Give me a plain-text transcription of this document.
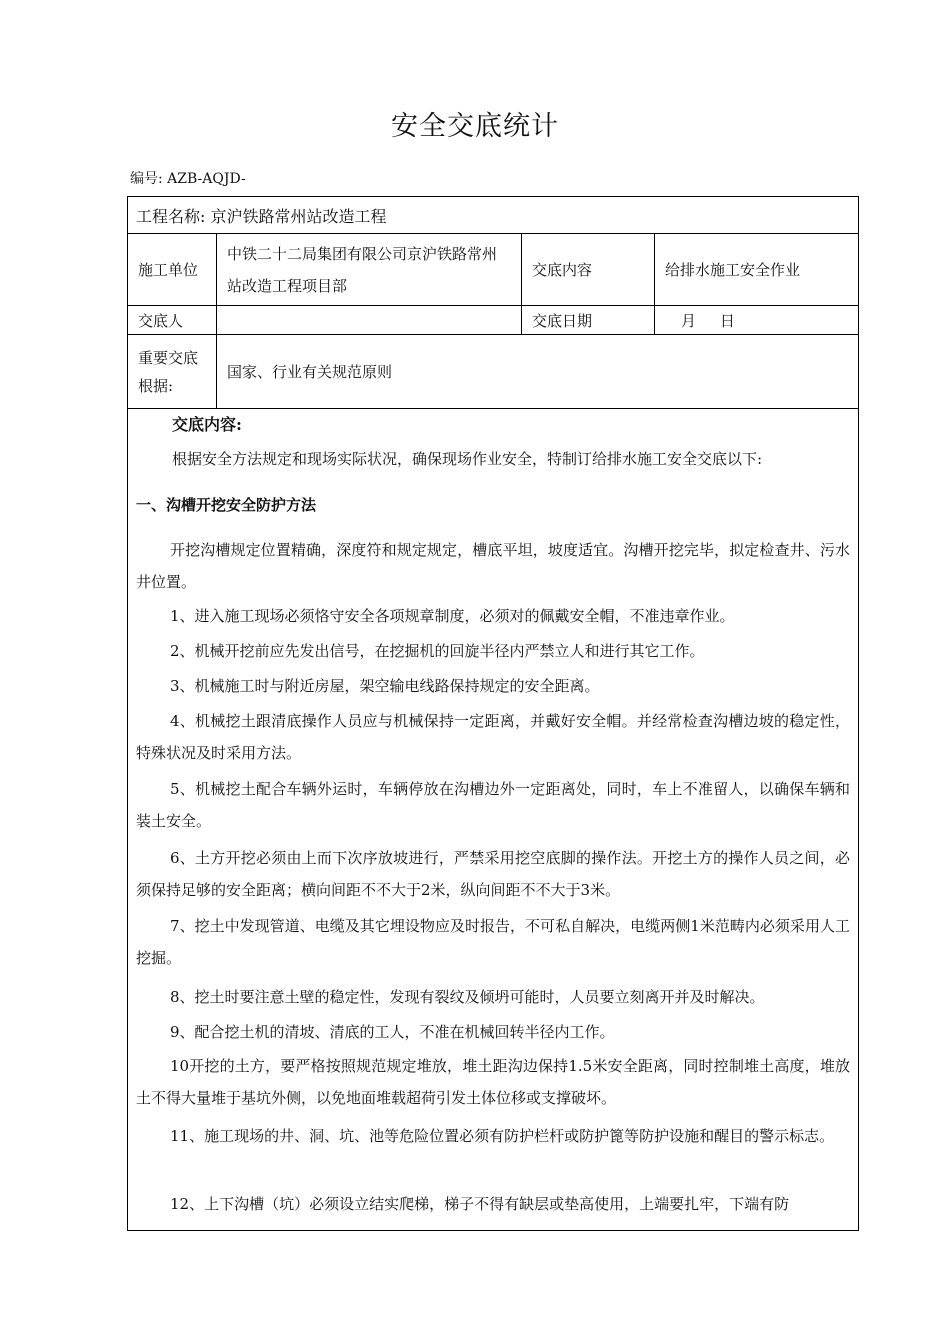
安全交底统计
编号: AZB-AQJD-
工程名称: 京沪铁路常州站改造工程			
施工单位	中铁二十二局集团有限公司京沪铁路常州站改造工程项目部	交底内容	给排水施工安全作业
交底人		交底日期	月     日
重要交底根据:	国家、行业有关规范原则		
交底内容:
根据安全方法规定和现场实际状况，确保现场作业安全，特制订给排水施工安全交底以下:
一、沟槽开挖安全防护方法
开挖沟槽规定位置精确，深度符和规定规定，槽底平坦，坡度适宜。沟槽开挖完毕，拟定检查井、污水井位置。
1、进入施工现场必须恪守安全各项规章制度，必须对的佩戴安全帽，不准违章作业。
2、机械开挖前应先发出信号，在挖掘机的回旋半径内严禁立人和进行其它工作。
3、机械施工时与附近房屋，架空输电线路保持规定的安全距离。
4、机械挖土跟清底操作人员应与机械保持一定距离，并戴好安全帽。并经常检查沟槽边坡的稳定性，特殊状况及时采用方法。
5、机械挖土配合车辆外运时，车辆停放在沟槽边外一定距离处，同时，车上不准留人，以确保车辆和装土安全。
6、土方开挖必须由上而下次序放坡进行，严禁采用挖空底脚的操作法。开挖土方的操作人员之间，必须保持足够的安全距离；横向间距不不大于2米，纵向间距不不大于3米。
7、挖土中发现管道、电缆及其它埋设物应及时报告，不可私自解决，电缆两侧1米范畴内必须采用人工挖掘。
8、挖土时要注意土壁的稳定性，发现有裂纹及倾坍可能时，人员要立刻离开并及时解决。
9、配合挖土机的清坡、清底的工人，不准在机械回转半径内工作。
10开挖的土方，要严格按照规范规定堆放，堆土距沟边保持1.5米安全距离，同时控制堆土高度，堆放土不得大量堆于基坑外侧，以免地面堆载超荷引发土体位移或支撑破坏。
11、施工现场的井、洞、坑、池等危险位置必须有防护栏杆或防护篦等防护设施和醒目的警示标志。
12、上下沟槽（坑）必须设立结实爬梯，梯子不得有缺层或垫高使用，上端要扎牢，下端有防
